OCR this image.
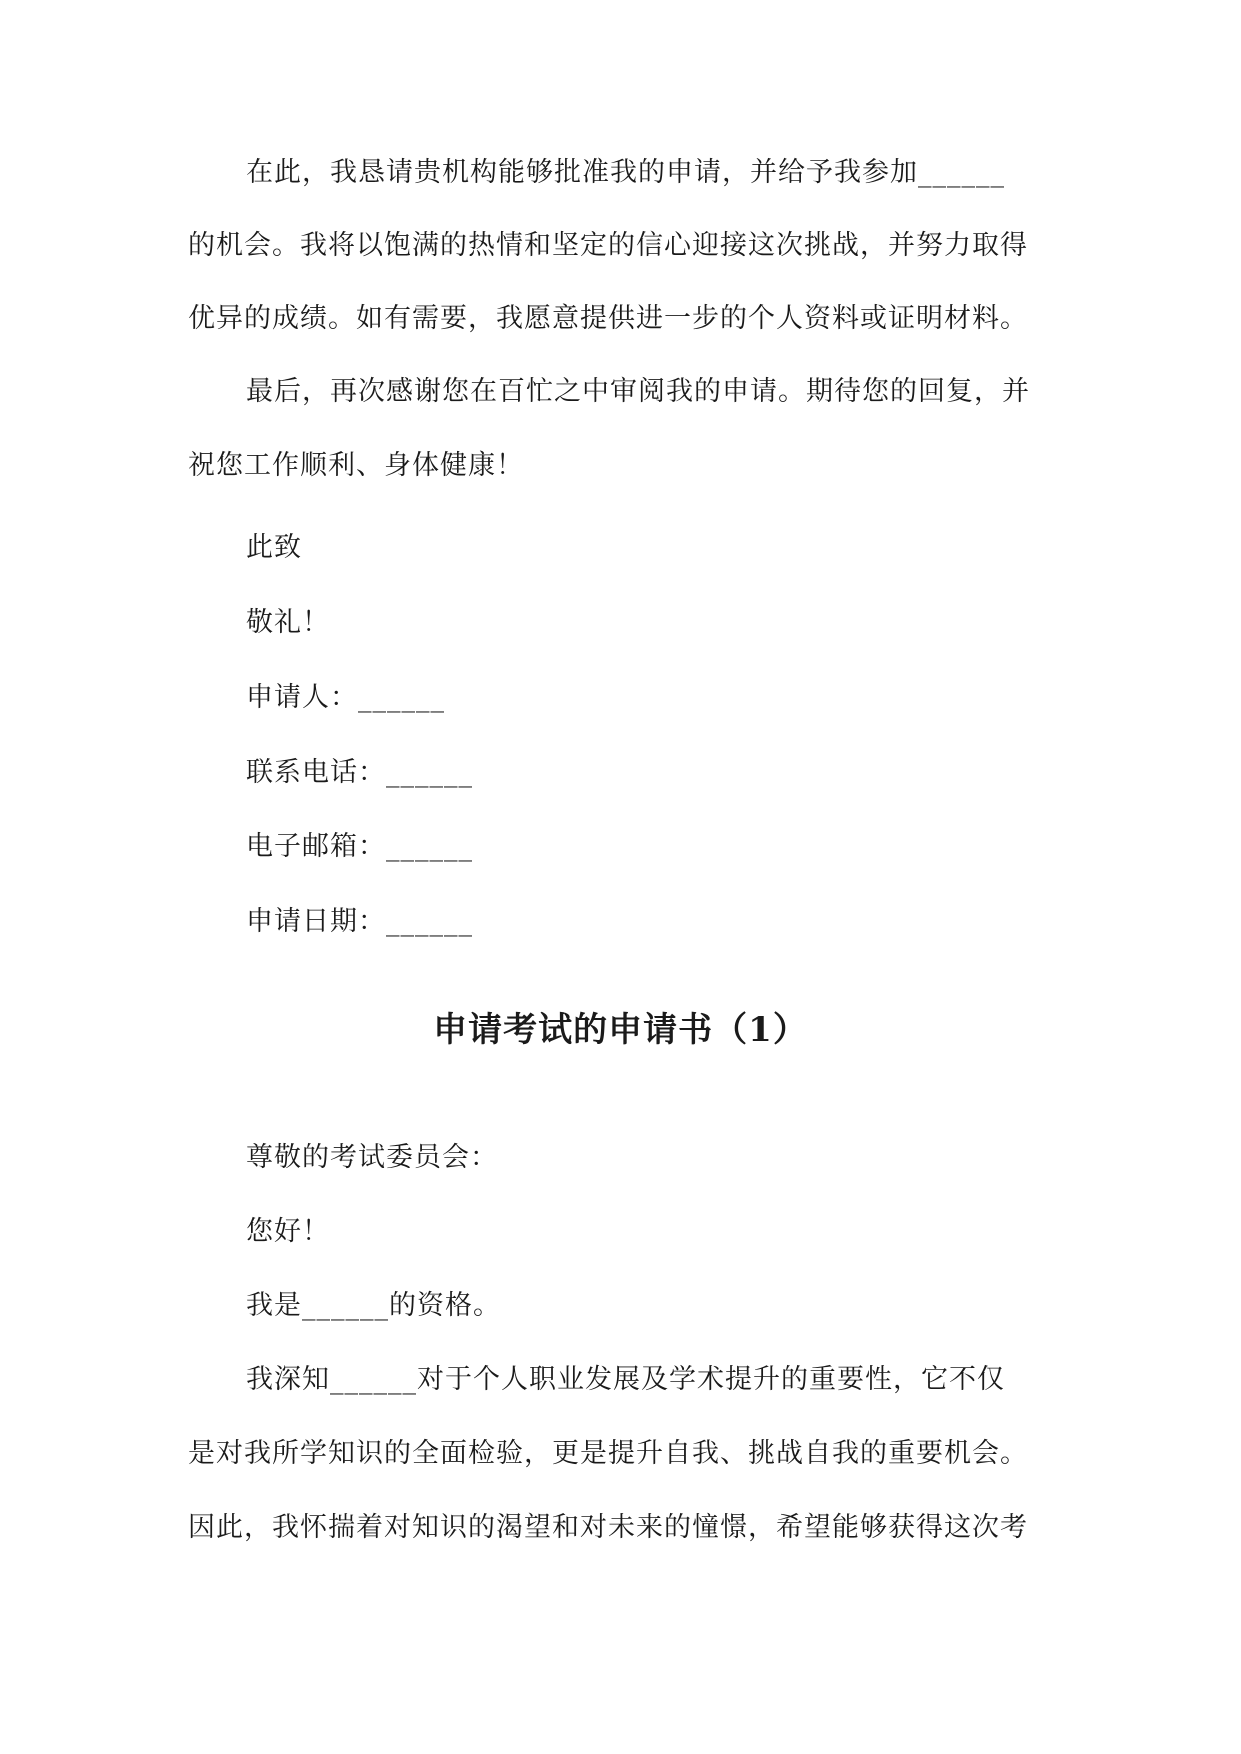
在此，我恳请贵机构能够批准我的申请，并给予我参加______
的机会。我将以饱满的热情和坚定的信心迎接这次挑战，并努力取得
优异的成绩。如有需要，我愿意提供进一步的个人资料或证明材料。
最后，再次感谢您在百忙之中审阅我的申请。期待您的回复，并
祝您工作顺利、身体健康！
此致
敬礼！
申请人：______
联系电话：______
电子邮箱：______
申请日期：______
申请考试的申请书（1）
尊敬的考试委员会：
您好！
我是______的资格。
我深知______对于个人职业发展及学术提升的重要性，它不仅
是对我所学知识的全面检验，更是提升自我、挑战自我的重要机会。
因此，我怀揣着对知识的渴望和对未来的憧憬，希望能够获得这次考
